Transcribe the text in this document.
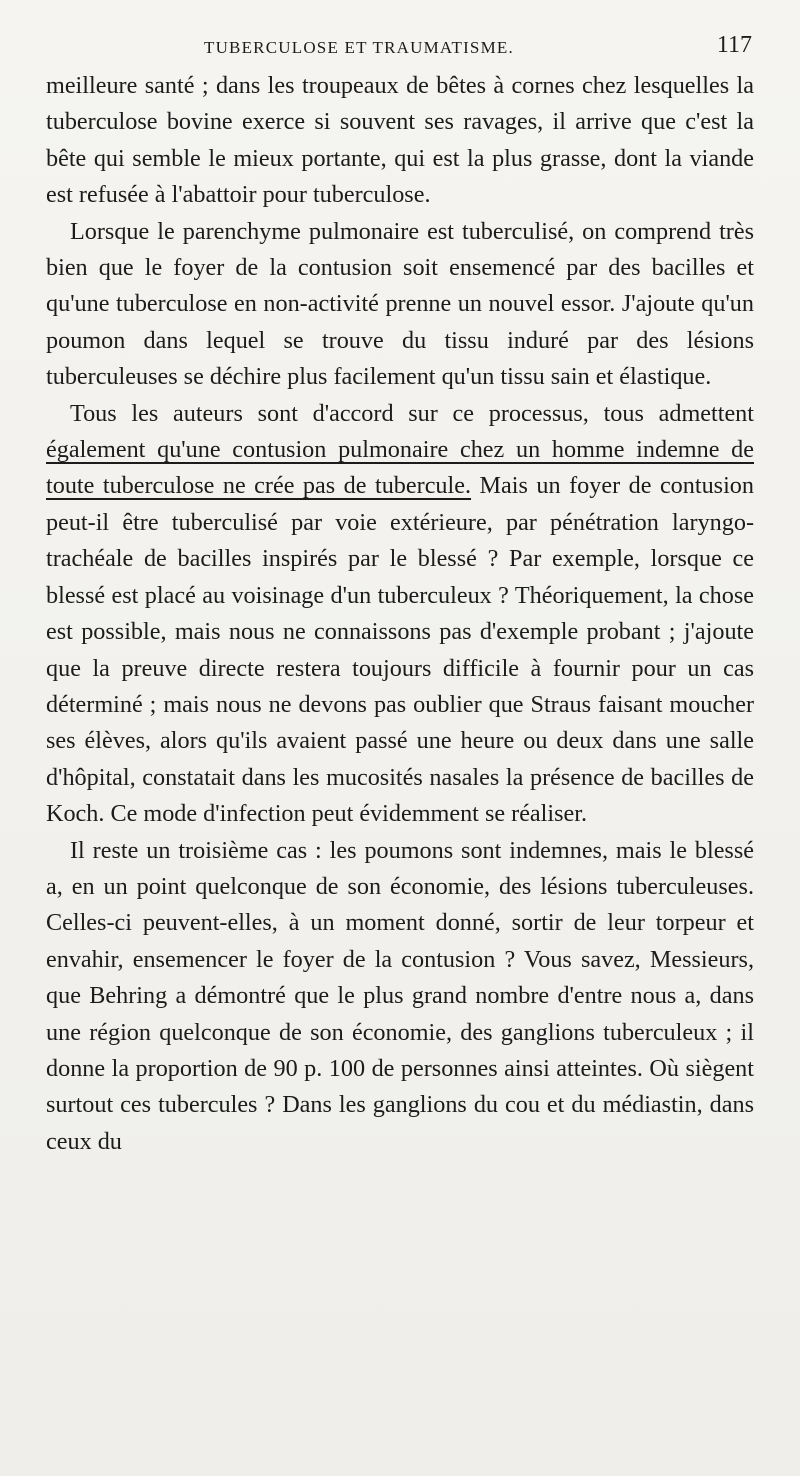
TUBERCULOSE ET TRAUMATISME.	117

meilleure santé ; dans les troupeaux de bêtes à cornes chez lesquelles la tuberculose bovine exerce si souvent ses ravages, il arrive que c'est la bête qui semble le mieux portante, qui est la plus grasse, dont la viande est refusée à l'abattoir pour tuberculose.

Lorsque le parenchyme pulmonaire est tuberculisé, on comprend très bien que le foyer de la contusion soit ensemencé par des bacilles et qu'une tuberculose en non-activité prenne un nouvel essor. J'ajoute qu'un poumon dans lequel se trouve du tissu induré par des lésions tuberculeuses se déchire plus facilement qu'un tissu sain et élastique.

Tous les auteurs sont d'accord sur ce processus, tous admettent également qu'une contusion pulmonaire chez un homme indemne de toute tuberculose ne crée pas de tubercule. Mais un foyer de contusion peut-il être tuberculisé par voie extérieure, par pénétration laryngo-trachéale de bacilles inspirés par le blessé ? Par exemple, lorsque ce blessé est placé au voisinage d'un tuberculeux ? Théoriquement, la chose est possible, mais nous ne connaissons pas d'exemple probant ; j'ajoute que la preuve directe restera toujours difficile à fournir pour un cas déterminé ; mais nous ne devons pas oublier que Straus faisant moucher ses élèves, alors qu'ils avaient passé une heure ou deux dans une salle d'hôpital, constatait dans les mucosités nasales la présence de bacilles de Koch. Ce mode d'infection peut évidemment se réaliser.

Il reste un troisième cas : les poumons sont indemnes, mais le blessé a, en un point quelconque de son économie, des lésions tuberculeuses. Celles-ci peuvent-elles, à un moment donné, sortir de leur torpeur et envahir, ensemencer le foyer de la contusion ? Vous savez, Messieurs, que Behring a démontré que le plus grand nombre d'entre nous a, dans une région quelconque de son économie, des ganglions tuberculeux ; il donne la proportion de 90 p. 100 de personnes ainsi atteintes. Où siègent surtout ces tubercules ? Dans les ganglions du cou et du médiastin, dans ceux du
